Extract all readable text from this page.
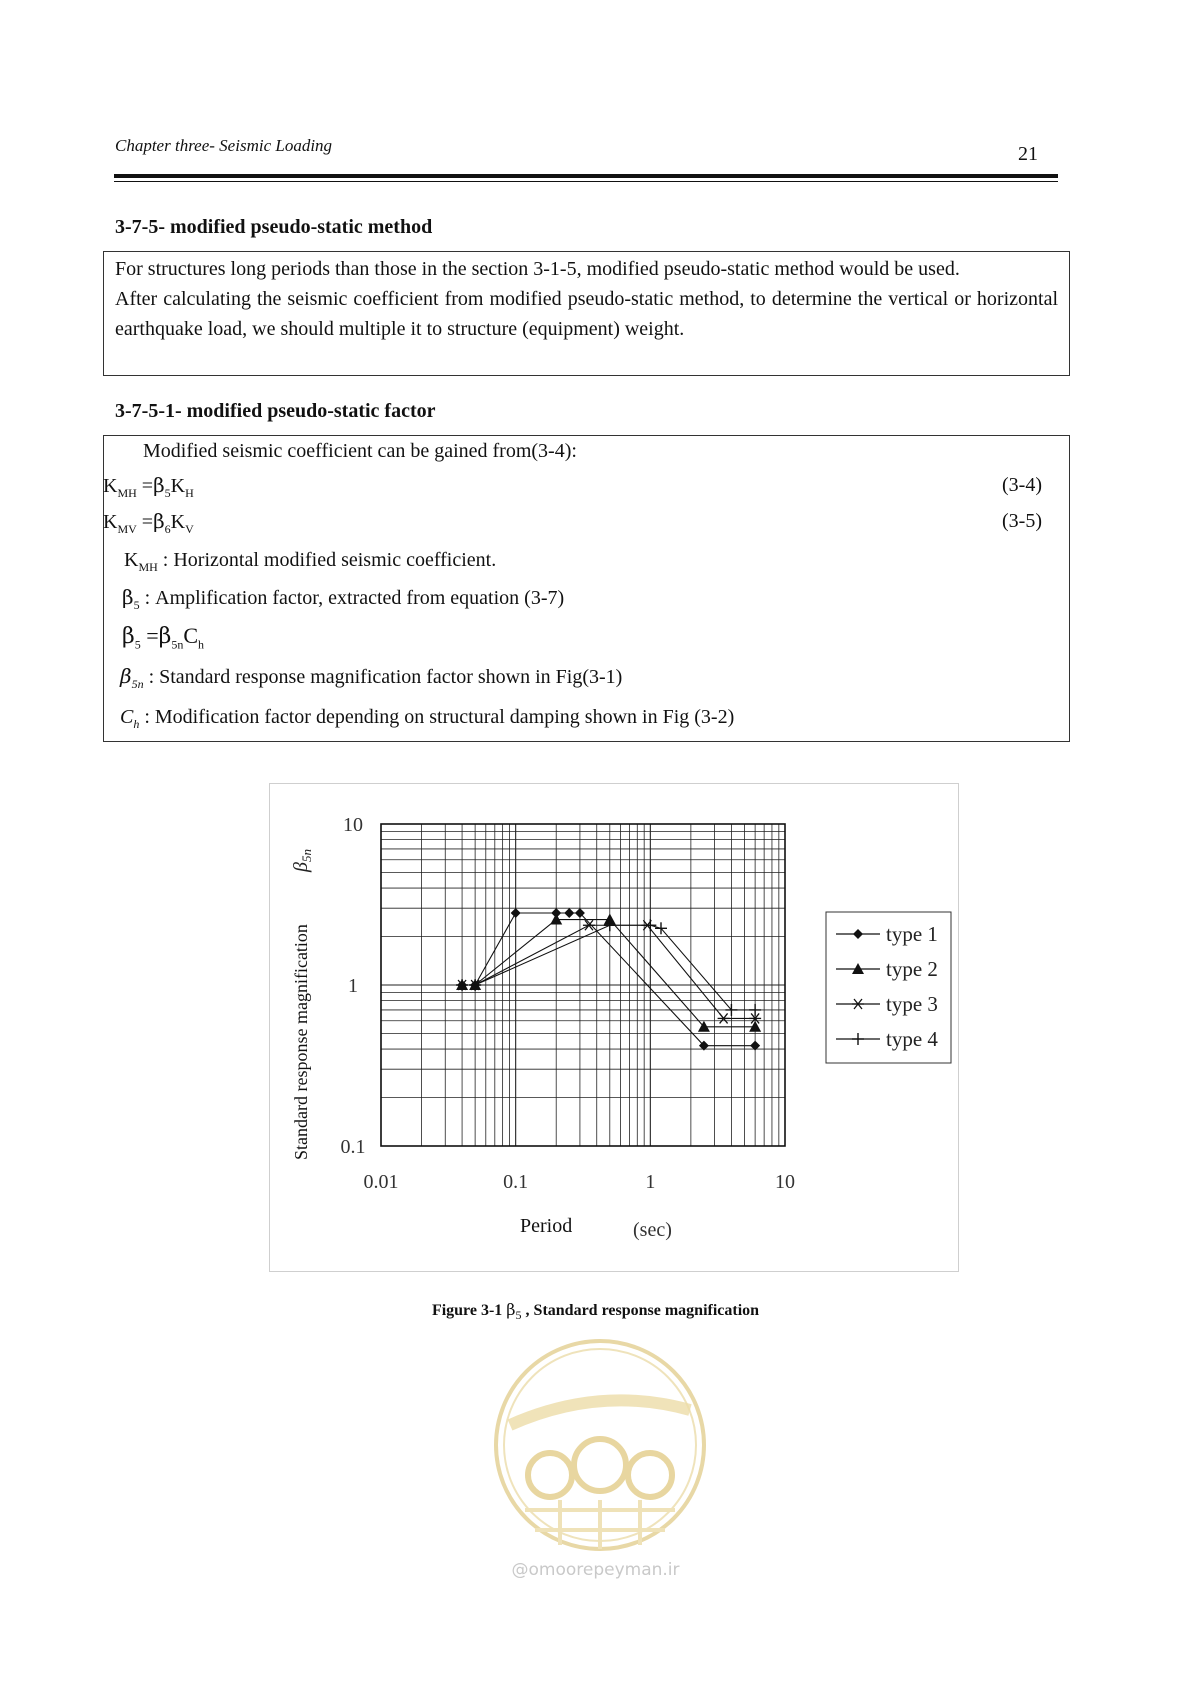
Chapter three- Seismic Loading	21
3-7-5- modified pseudo-static method
For structures long periods than those in the section 3-1-5, modified pseudo-static method would be used.
After calculating the seismic coefficient from modified pseudo-static method, to determine the vertical or horizontal earthquake load, we should multiple it to structure (equipment) weight.
3-7-5-1- modified pseudo-static factor
Modified seismic coefficient can be gained from(3-4):
$K_{MH} =\beta_5K_H$	(3-4)
$K_{MV} =\beta_6K_V$	(3-5)
$K_{MH}$ : Horizontal modified seismic coefficient.
$\beta_5$ : Amplification factor, extracted from equation (3-7)
$\beta_5 =\beta_{5n}C_h$
$\beta_{5n}$ : Standard response magnification factor shown in Fig(3-1)
$C_h$ : Modification factor depending on structural damping shown in Fig (3-2)
0.01	0.1	1	10
0.1
1
10
Period	(sec)
Standard response magnification
$\beta_{5n}$
type 1
type 2
type 3
type 4
Figure 3-1 $\beta_5$ , Standard response magnification
@omoorepeyman.ir
